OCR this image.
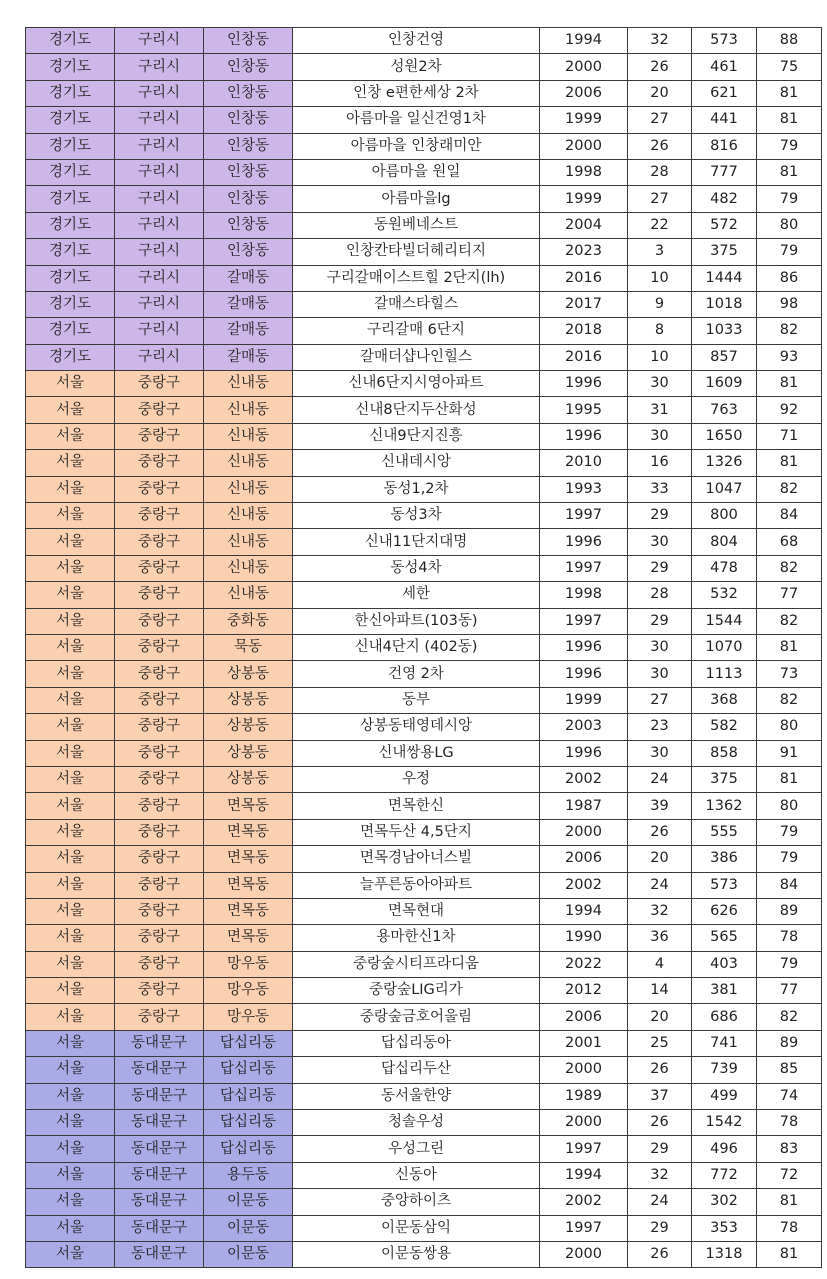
경기도	구리시	인창동	인창건영	1994	32	573	88
경기도	구리시	인창동	성원2차	2000	26	461	75
경기도	구리시	인창동	인창 e편한세상 2차	2006	20	621	81
경기도	구리시	인창동	아름마을 일신건영1차	1999	27	441	81
경기도	구리시	인창동	아름마을 인창래미안	2000	26	816	79
경기도	구리시	인창동	아름마을 원일	1998	28	777	81
경기도	구리시	인창동	아름마을lg	1999	27	482	79
경기도	구리시	인창동	동원베네스트	2004	22	572	80
경기도	구리시	인창동	인창칸타빌더헤리티지	2023	3	375	79
경기도	구리시	갈매동	구리갈매이스트힐 2단지(lh)	2016	10	1444	86
경기도	구리시	갈매동	갈매스타힐스	2017	9	1018	98
경기도	구리시	갈매동	구리갈매 6단지	2018	8	1033	82
경기도	구리시	갈매동	갈매더샵나인힐스	2016	10	857	93
서울	중랑구	신내동	신내6단지시영아파트	1996	30	1609	81
서울	중랑구	신내동	신내8단지두산화성	1995	31	763	92
서울	중랑구	신내동	신내9단지진흥	1996	30	1650	71
서울	중랑구	신내동	신내데시앙	2010	16	1326	81
서울	중랑구	신내동	동성1,2차	1993	33	1047	82
서울	중랑구	신내동	동성3차	1997	29	800	84
서울	중랑구	신내동	신내11단지대명	1996	30	804	68
서울	중랑구	신내동	동성4차	1997	29	478	82
서울	중랑구	신내동	세한	1998	28	532	77
서울	중랑구	중화동	한신아파트(103동)	1997	29	1544	82
서울	중랑구	묵동	신내4단지 (402동)	1996	30	1070	81
서울	중랑구	상봉동	건영 2차	1996	30	1113	73
서울	중랑구	상봉동	동부	1999	27	368	82
서울	중랑구	상봉동	상봉동태영데시앙	2003	23	582	80
서울	중랑구	상봉동	신내쌍용LG	1996	30	858	91
서울	중랑구	상봉동	우정	2002	24	375	81
서울	중랑구	면목동	면목한신	1987	39	1362	80
서울	중랑구	면목동	면목두산 4,5단지	2000	26	555	79
서울	중랑구	면목동	면목경남아너스빌	2006	20	386	79
서울	중랑구	면목동	늘푸른동아아파트	2002	24	573	84
서울	중랑구	면목동	면목현대	1994	32	626	89
서울	중랑구	면목동	용마한신1차	1990	36	565	78
서울	중랑구	망우동	중랑숲시티프라디움	2022	4	403	79
서울	중랑구	망우동	중랑숲LIG리가	2012	14	381	77
서울	중랑구	망우동	중랑숲금호어울림	2006	20	686	82
서울	동대문구	답십리동	답십리동아	2001	25	741	89
서울	동대문구	답십리동	답십리두산	2000	26	739	85
서울	동대문구	답십리동	동서울한양	1989	37	499	74
서울	동대문구	답십리동	청솔우성	2000	26	1542	78
서울	동대문구	답십리동	우성그린	1997	29	496	83
서울	동대문구	용두동	신동아	1994	32	772	72
서울	동대문구	이문동	중앙하이츠	2002	24	302	81
서울	동대문구	이문동	이문동삼익	1997	29	353	78
서울	동대문구	이문동	이문동쌍용	2000	26	1318	81
